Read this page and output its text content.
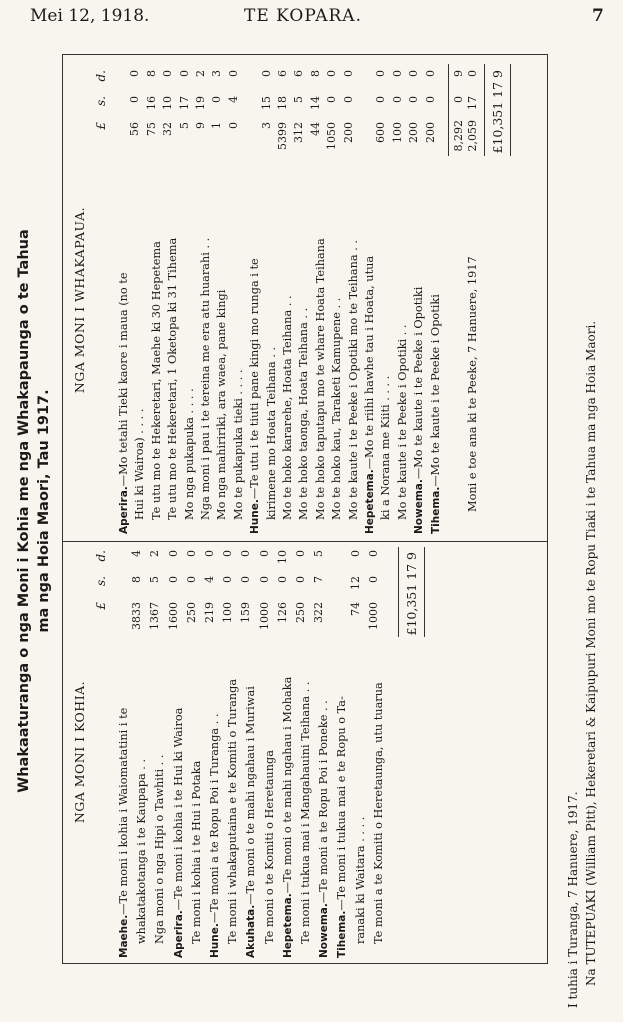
Mei 12, 1918.	TE KOPARA.	7
Whakaaturanga o nga Moni i Kohia me nga Whakapaunga o te Tahua ma nga Hoia Maori, Tau 1917.
NGA MONI I KOHIA.
£
s.
d.
Maehe.—Te moni i kohia i Waiomatatini i te whakatakotanga i te Kaupapa . .
3833
8
4
Nga moni o nga Hipi o Tawhiti . .
1367
5
2
Aperira.—Te moni i kohia i te Hui ki Wairoa
1600
0
0
Te moni i kohia i te Hui i Potaka
250
0
0
Hune.—Te moni a te Ropu Poi i Turanga . .
219
4
0
Te moni i whakaputaina e te Komiti o Turanga
100
0
0
Akuhata.—Te moni o te mahi ngahau i Muriwai
159
0
0
Te moni o te Komiti o Heretaunga
1000
0
0
Hepetema.—Te moni o te mahi ngahau i Mohaka
126
0
10
Te moni i tukua mai i Mangahauini Teihana . .
250
0
0
Nowema.—Te moni a te Ropu Poi i Poneke . .
322
7
5
Tihema.—Te moni i tukua mai e te Ropu o Ta- ranaki ki Waitara . . . .
74
12
0
Te moni a te Komiti o Heretaunga, utu tuarua
1000
0
0 £10,351 17 9
NGA MONI I WHAKAPAUA.
£
s.
d.
Aperira.—Mo tetahi Tieki kaore i maua (no te Hui ki Wairoa) . . . .
56
0
0
Te utu mo te Hekeretari, Maehe ki 30 Hepetema
75
16
8
Te utu mo te Hekeretari, 1 Oketopa ki 31 Tihema
32
10
0
Mo nga pukapuka . . . .
5
17
0
Nga moni i pau i te tereina me era atu huarahi . .
9
19
2
Mo nga mahiririki, ara waea, pane kingi
1
0
3
Mo te pukapuka tieki . . . .
0
4
0
Hune.—Te utu i te tiuti pane kingi mo runga i te kirimene mo Hoata Teihana . .
3
15
0
Mo te hoko kararehe, Hoata Teihana . .
5399
18
6
Mo te hoko taonga, Hoata Teihana . .
312
5
6
Mo te hoko taputapu mo te whare Hoata Teihana
44
14
8
Mo te hoko kau, Taraketi Kamupene . .
1050
0
0
Mo te kaute i te Peeke i Opotiki mo te Teihana . .
200
0
0
Hepetema.—Mo te riihi hawhe tau i Hoata, utua ki a Norana me Kiiti . . . .
600
0
0
Mo te kaute i te Peeke i Opotiki . .
100
0
0
Nowema.—Mo te kaute i te Peeke i Opotiki
200
0
0
Tihema.—Mo te kaute i te Peeke i Opotiki
200
0
0
8,292
0
9
Moni e toe ana ki te Peeke, 7 Hanuere, 1917
2,059
17
0 £10,351 17 9
I tuhia i Turanga, 7 Hanuere, 1917. Na TUTEPUAKI (William Pitt), Hekeretari & Kaipupuri Moni mo te Ropu Tiaki i te Tahua ma nga Hoia Maori.
